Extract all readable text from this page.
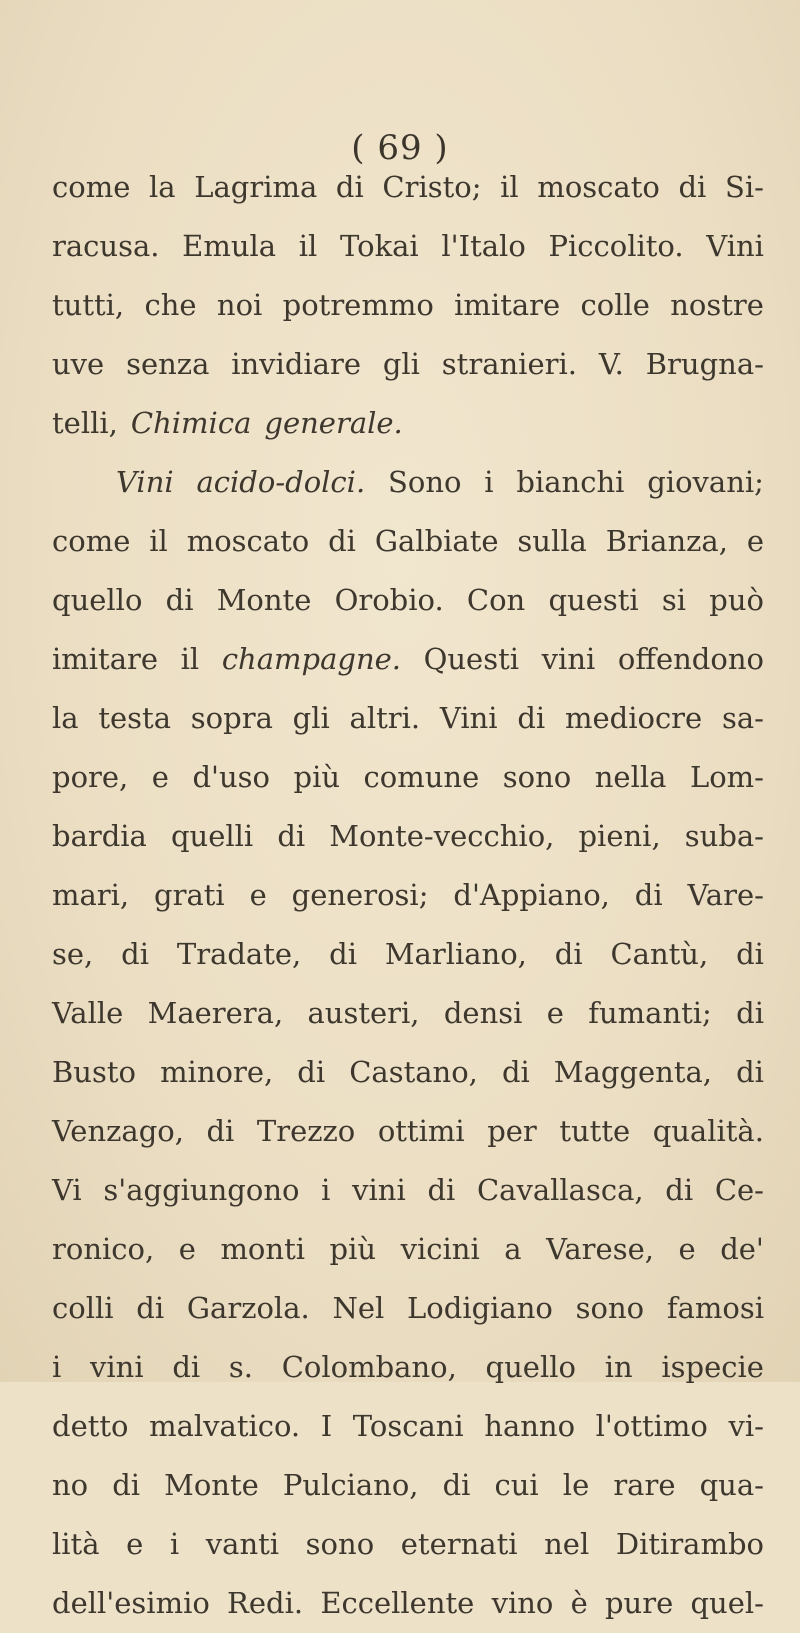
( 69 )
come la Lagrima di Cristo; il moscato di Si-
racusa. Emula il Tokai l'Italo Piccolito. Vini
tutti, che noi potremmo imitare colle nostre
uve senza invidiare gli stranieri. V. Brugna-
telli, Chimica generale.
Vini acido-dolci. Sono i bianchi giovani;
come il moscato di Galbiate sulla Brianza, e
quello di Monte Orobio. Con questi si può
imitare il champagne. Questi vini offendono
la testa sopra gli altri. Vini di mediocre sa-
pore, e d'uso più comune sono nella Lom-
bardia quelli di Monte-vecchio, pieni, suba-
mari, grati e generosi; d'Appiano, di Vare-
se, di Tradate, di Marliano, di Cantù, di
Valle Maerera, austeri, densi e fumanti; di
Busto minore, di Castano, di Maggenta, di
Venzago, di Trezzo ottimi per tutte qualità.
Vi s'aggiungono i vini di Cavallasca, di Ce-
ronico, e monti più vicini a Varese, e de'
colli di Garzola. Nel Lodigiano sono famosi
i vini di s. Colombano, quello in ispecie
detto malvatico. I Toscani hanno l'ottimo vi-
no di Monte Pulciano, di cui le rare qua-
lità e i vanti sono eternati nel Ditirambo
dell'esimio Redi. Eccellente vino è pure quel-
